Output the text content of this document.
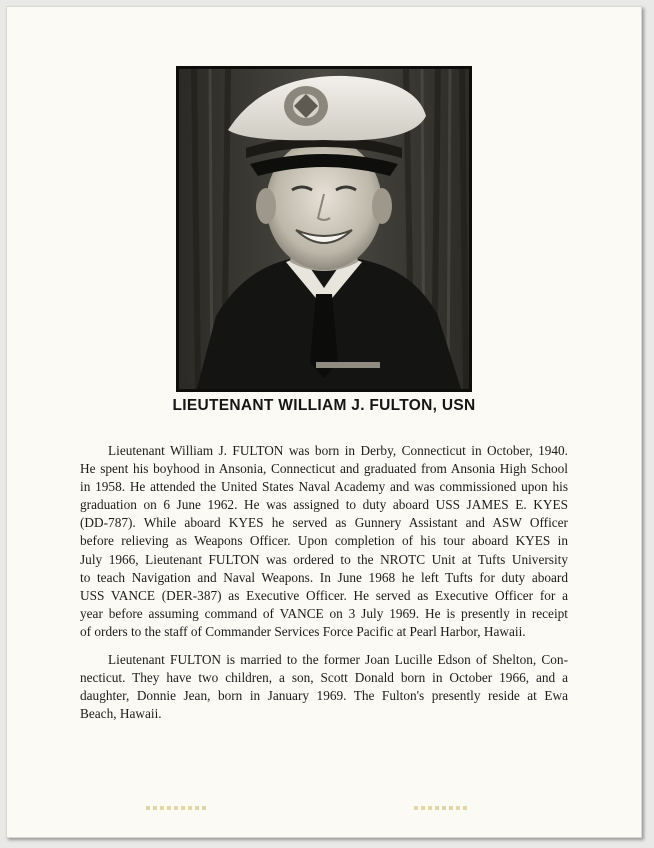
LIEUTENANT WILLIAM J. FULTON, USN

Lieutenant William J. FULTON was born in Derby, Connecticut in October, 1940.
He spent his boyhood in Ansonia, Connecticut and graduated from Ansonia High School
in 1958. He attended the United States Naval Academy and was commissioned upon his
graduation on 6 June 1962. He was assigned to duty aboard USS JAMES E. KYES
(DD-787). While aboard KYES he served as Gunnery Assistant and ASW Officer
before relieving as Weapons Officer. Upon completion of his tour aboard KYES in
July 1966, Lieutenant FULTON was ordered to the NROTC Unit at Tufts University
to teach Navigation and Naval Weapons. In June 1968 he left Tufts for duty aboard
USS VANCE (DER-387) as Executive Officer. He served as Executive Officer for a
year before assuming command of VANCE on 3 July 1969. He is presently in receipt
of orders to the staff of Commander Services Force Pacific at Pearl Harbor, Hawaii.

Lieutenant FULTON is married to the former Joan Lucille Edson of Shelton, Con-
necticut. They have two children, a son, Scott Donald born in October 1966, and a
daughter, Donnie Jean, born in January 1969. The Fulton's presently reside at Ewa
Beach, Hawaii.
